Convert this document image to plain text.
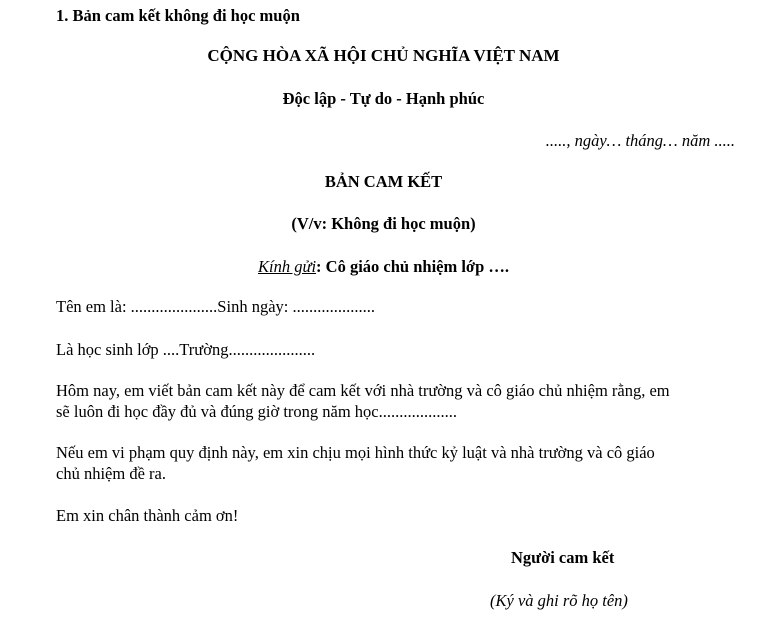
1. Bản cam kết không đi học muộn
CỘNG HÒA XÃ HỘI CHỦ NGHĨA VIỆT NAM
Độc lập - Tự do - Hạnh phúc
....., ngày… tháng… năm .....
BẢN CAM KẾT
(V/v: Không đi học muộn)
Kính gửi: Cô giáo chủ nhiệm lớp ….
Tên em là: .....................Sinh ngày: ....................
Là học sinh lớp ....Trường.....................
Hôm nay, em viết bản cam kết này để cam kết với nhà trường và cô giáo chủ nhiệm rằng, em
sẽ luôn đi học đầy đủ và đúng giờ trong năm học...................
Nếu em vi phạm quy định này, em xin chịu mọi hình thức kỷ luật và nhà trường và cô giáo
chủ nhiệm đề ra.
Em xin chân thành cảm ơn!
Người cam kết
(Ký và ghi rõ họ tên)
